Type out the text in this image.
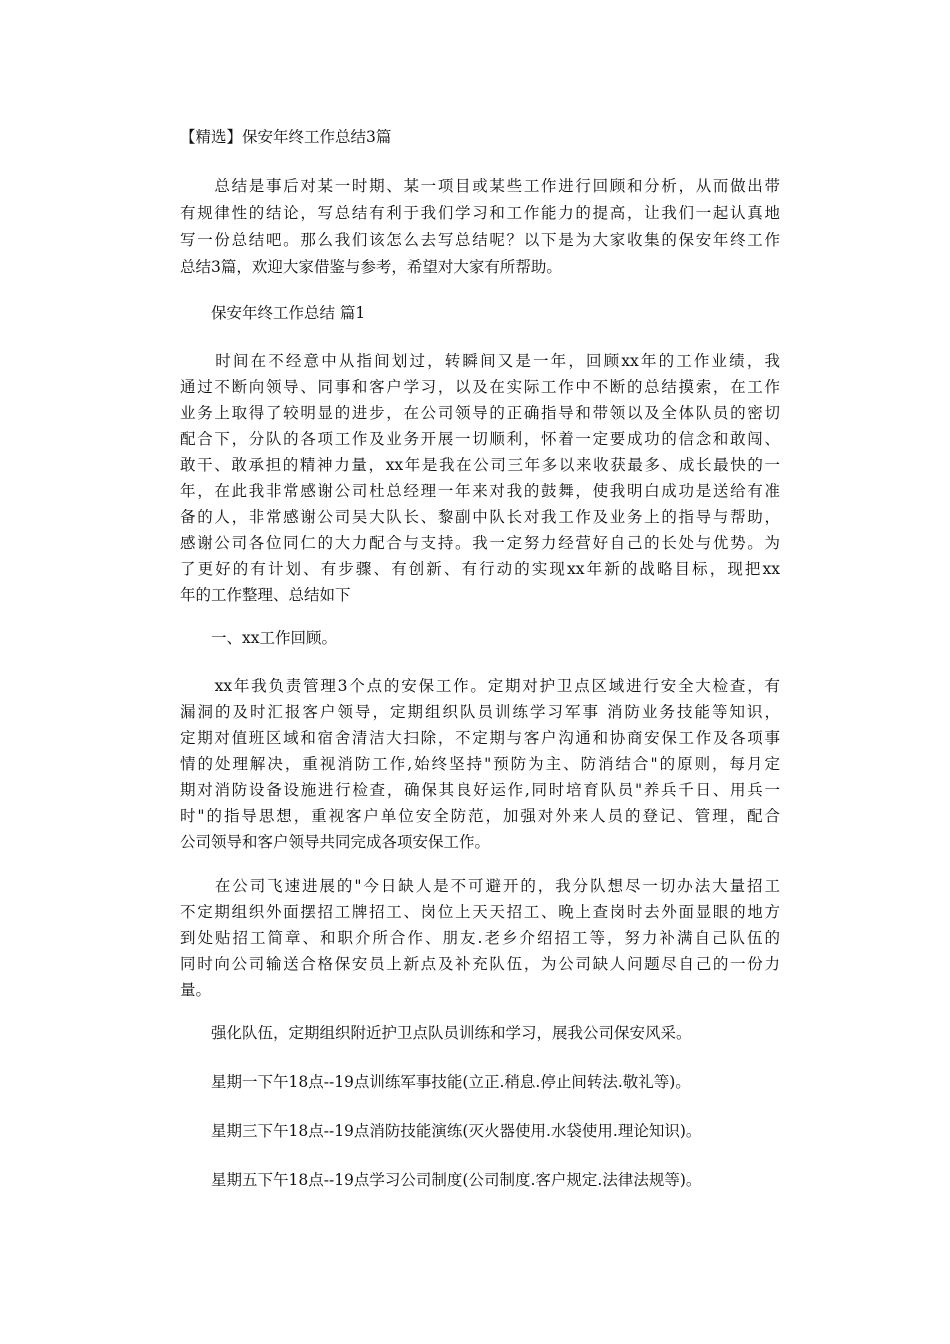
【精选】保安年终工作总结3篇
　　总结是事后对某一时期、某一项目或某些工作进行回顾和分析，从而做出带
有规律性的结论，写总结有利于我们学习和工作能力的提高，让我们一起认真地
写一份总结吧。那么我们该怎么去写总结呢？以下是为大家收集的保安年终工作
总结3篇，欢迎大家借鉴与参考，希望对大家有所帮助。
　　保安年终工作总结 篇1
　　时间在不经意中从指间划过，转瞬间又是一年，回顾xx年的工作业绩，我
通过不断向领导、同事和客户学习，以及在实际工作中不断的总结摸索，在工作
业务上取得了较明显的进步，在公司领导的正确指导和带领以及全体队员的密切
配合下，分队的各项工作及业务开展一切顺利，怀着一定要成功的信念和敢闯、
敢干、敢承担的精神力量，xx年是我在公司三年多以来收获最多、成长最快的一
年，在此我非常感谢公司杜总经理一年来对我的鼓舞，使我明白成功是送给有准
备的人，非常感谢公司吴大队长、黎副中队长对我工作及业务上的指导与帮助，
感谢公司各位同仁的大力配合与支持。我一定努力经营好自己的长处与优势。为
了更好的有计划、有步骤、有创新、有行动的实现xx年新的战略目标，现把xx
年的工作整理、总结如下
　　一、xx工作回顾。
　　xx年我负责管理3个点的安保工作。定期对护卫点区域进行安全大检查，有
漏洞的及时汇报客户领导，定期组织队员训练学习军事 消防业务技能等知识，
定期对值班区域和宿舍清洁大扫除，不定期与客户沟通和协商安保工作及各项事
情的处理解决，重视消防工作,始终坚持"预防为主、防消结合"的原则，每月定
期对消防设备设施进行检查，确保其良好运作,同时培育队员"养兵千日、用兵一
时"的指导思想，重视客户单位安全防范，加强对外来人员的登记、管理，配合
公司领导和客户领导共同完成各项安保工作。
　　在公司飞速进展的"今日缺人是不可避开的，我分队想尽一切办法大量招工
不定期组织外面摆招工牌招工、岗位上天天招工、晚上查岗时去外面显眼的地方
到处贴招工简章、和职介所合作、朋友.老乡介绍招工等，努力补满自己队伍的
同时向公司输送合格保安员上新点及补充队伍，为公司缺人问题尽自己的一份力
量。
　　强化队伍，定期组织附近护卫点队员训练和学习，展我公司保安风采。
　　星期一下午18点--19点训练军事技能(立正.稍息.停止间转法.敬礼等)。
　　星期三下午18点--19点消防技能演练(灭火器使用.水袋使用.理论知识)。
　　星期五下午18点--19点学习公司制度(公司制度.客户规定.法律法规等)。
